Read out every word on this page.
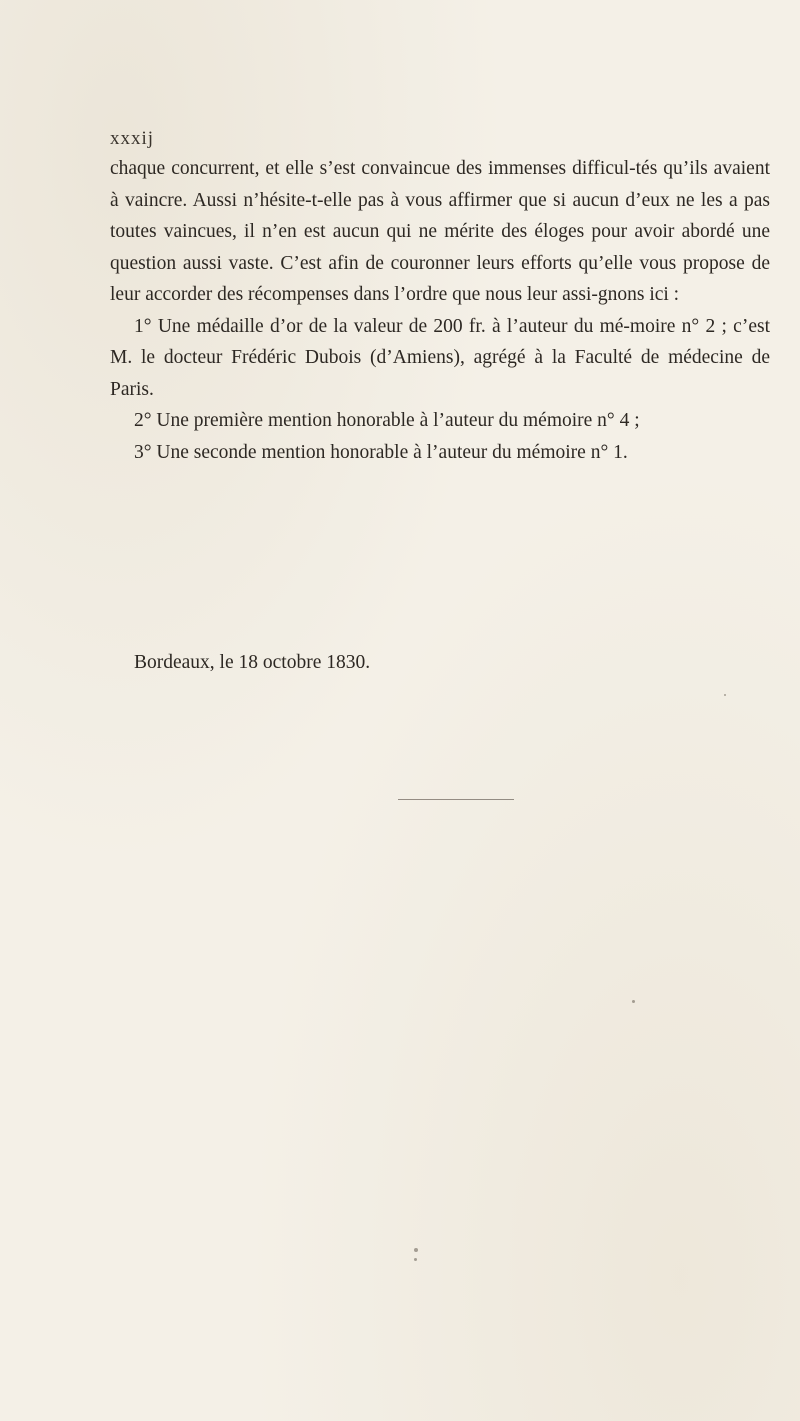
xxxij

chaque concurrent, et elle s’est convaincue des immenses difficul-tés qu’ils avaient à vaincre. Aussi n’hésite-t-elle pas à vous affirmer que si aucun d’eux ne les a pas toutes vaincues, il n’en est aucun qui ne mérite des éloges pour avoir abordé une question aussi vaste. C’est afin de couronner leurs efforts qu’elle vous propose de leur accorder des récompenses dans l’ordre que nous leur assi-gnons ici :

1° Une médaille d’or de la valeur de 200 fr. à l’auteur du mé-moire n° 2 ; c’est M. le docteur Frédéric Dubois (d’Amiens), agrégé à la Faculté de médecine de Paris.

2° Une première mention honorable à l’auteur du mémoire n° 4 ;

3° Une seconde mention honorable à l’auteur du mémoire n° 1.

Bordeaux, le 18 octobre 1830.
